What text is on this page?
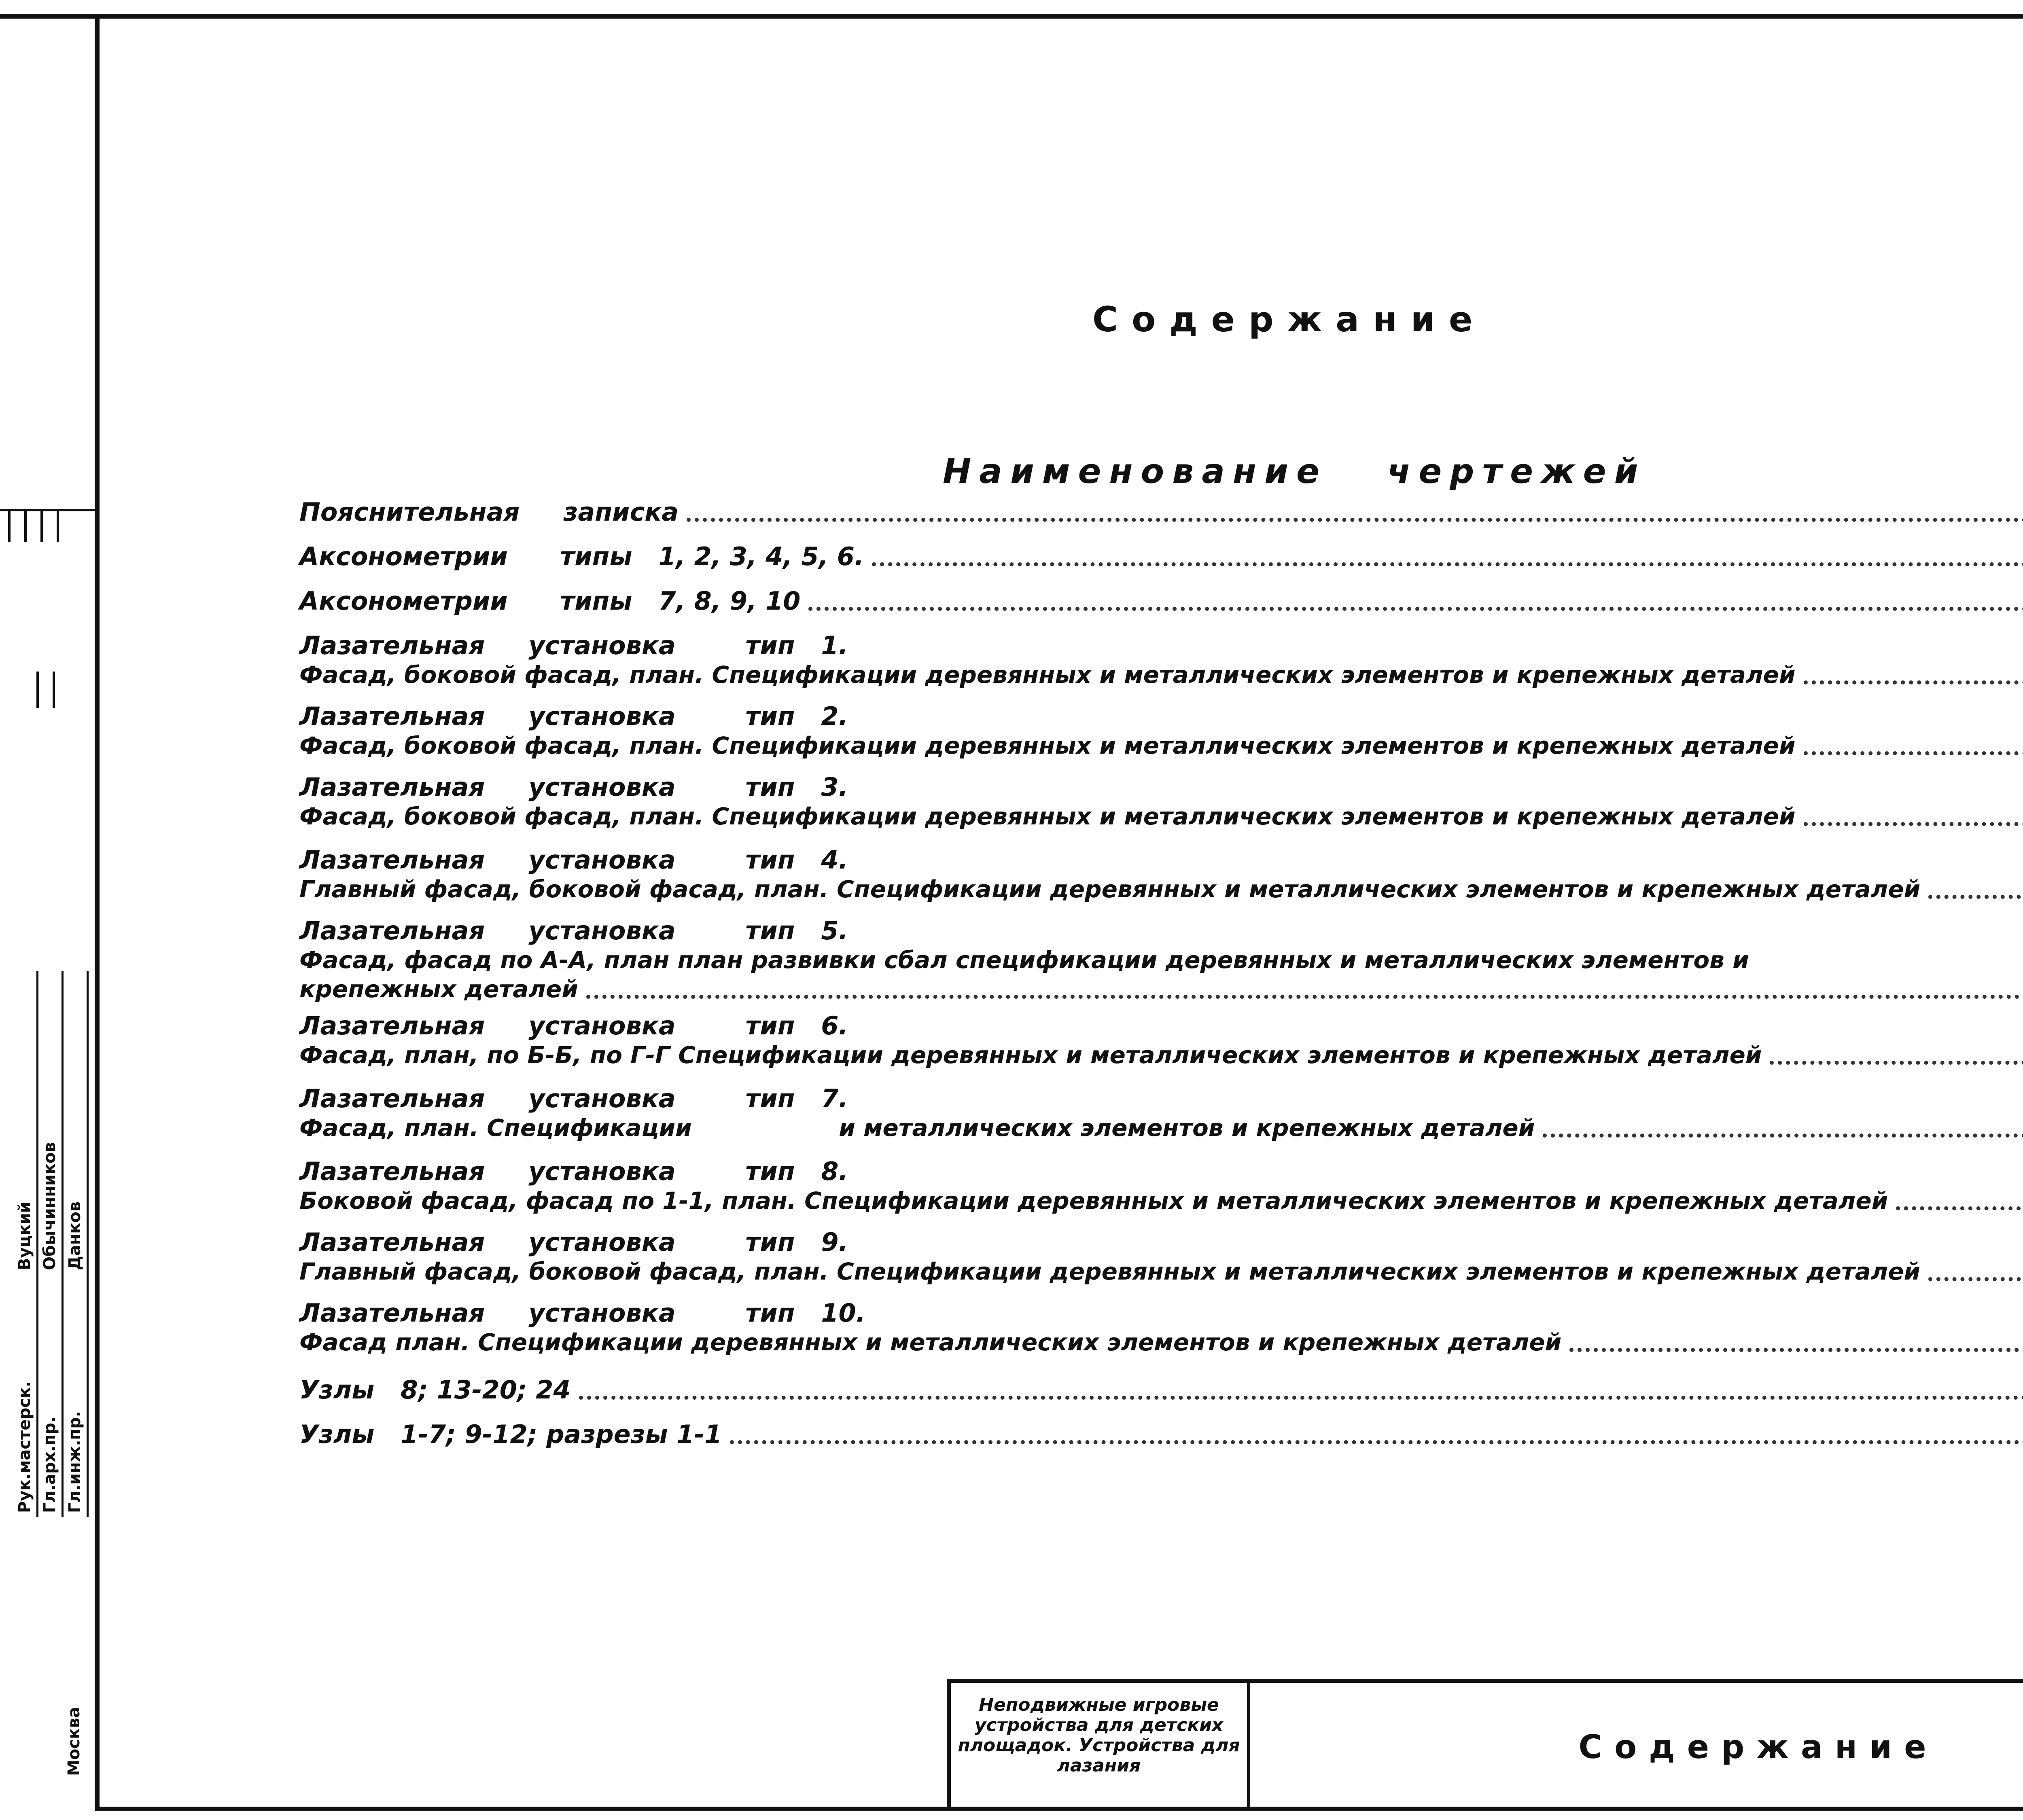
Содержание
Наименование   чертежей
Пояснительная     записка
Аксонометрии      типы   1, 2, 3, 4, 5, 6.
Аксонометрии      типы   7, 8, 9, 10
Лазательная     установка        тип   1.
Фасад, боковой фасад, план. Спецификации деревянных и металлических элементов и крепежных деталей
Лазательная     установка        тип   2.
Фасад, боковой фасад, план. Спецификации деревянных и металлических элементов и крепежных деталей
Лазательная     установка        тип   3.
Фасад, боковой фасад, план. Спецификации деревянных и металлических элементов и крепежных деталей
Лазательная     установка        тип   4.
Главный фасад, боковой фасад, план. Спецификации деревянных и металлических элементов и крепежных деталей
Лазательная     установка        тип   5.
Фасад, фасад по А-А, план план развивки сбал спецификации деревянных и металлических элементов и
крепежных деталей
Лазательная     установка        тип   6.
Фасад, план, по Б-Б, по Г-Г Спецификации деревянных и металлических элементов и крепежных деталей
Лазательная     установка        тип   7.
Фасад, план. Спецификации                  и металлических элементов и крепежных деталей
Лазательная     установка        тип   8.
Боковой фасад, фасад по 1-1, план. Спецификации деревянных и металлических элементов и крепежных деталей
Лазательная     установка        тип   9.
Главный фасад, боковой фасад, план. Спецификации деревянных и металлических элементов и крепежных деталей
Лазательная     установка        тип   10.
Фасад план. Спецификации деревянных и металлических элементов и крепежных деталей
Узлы   8; 13-20; 24
Узлы   1-7; 9-12; разрезы 1-1
Рук.мастерск. Гл.арх.пр. Гл.инж.пр.
Вуцкий Обычинников Данков
Москва
Неподвижные игровые устройства для детских площадок. Устройства для лазания	Содержание
